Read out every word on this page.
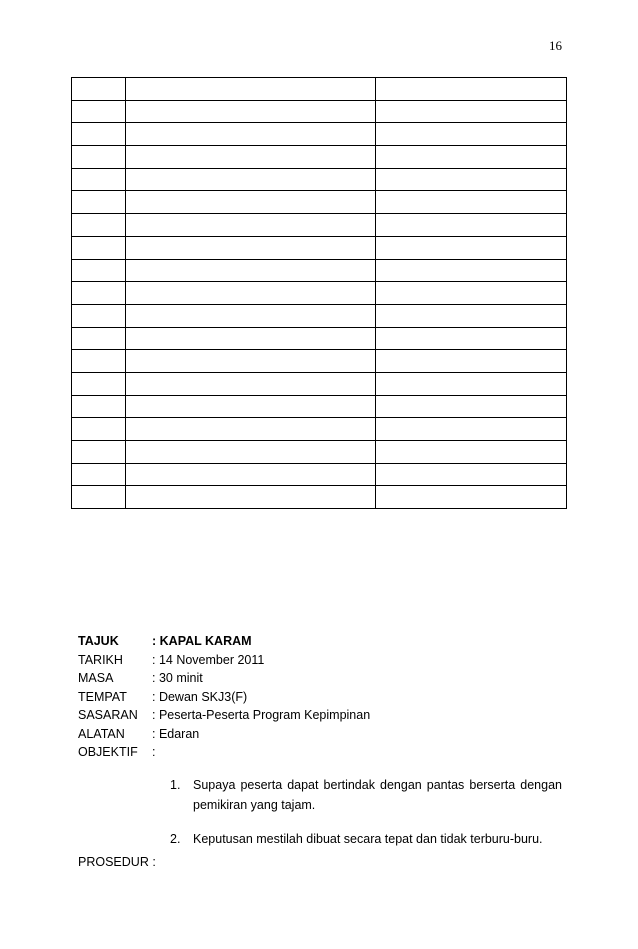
16

TAJUK	: KAPAL KARAM
TARIKH	: 14 November 2011
MASA	: 30 minit
TEMPAT	: Dewan SKJ3(F)
SASARAN	: Peserta-Peserta Program Kepimpinan
ALATAN	: Edaran
OBJEKTIF	:
1.	Supaya peserta dapat bertindak dengan pantas berserta dengan pemikiran yang tajam.
2.	Keputusan mestilah dibuat secara tepat dan tidak terburu-buru.
PROSEDUR :
